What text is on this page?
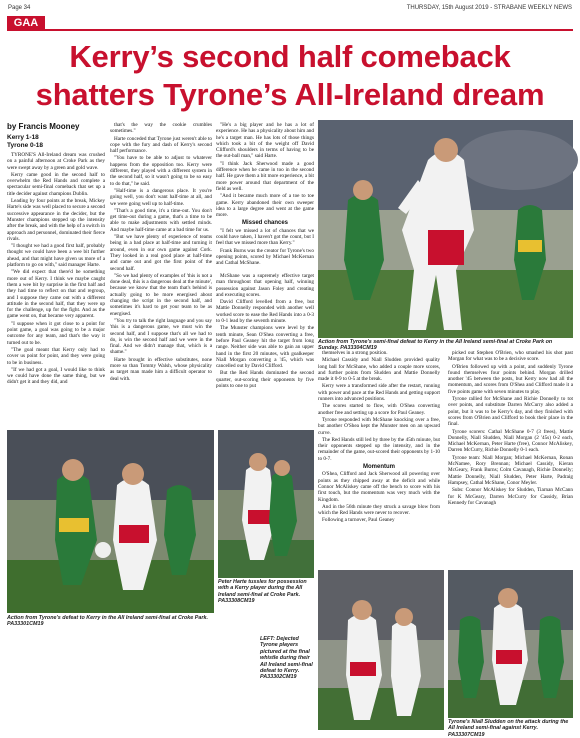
Page 34	THURSDAY, 15th August 2019 - STRABANE WEEKLY NEWS
GAA
Kerry’s second half comeback
shatters Tyrone’s All-Ireland dream
by Francis Mooney
Kerry 1-18
Tyrone 0-18

TYRONE'S All-Ireland dream was crushed on a painful afternoon at Croke Park as they were swept away by a green and gold wave.

Kerry came good in the second half to overwhelm the Red Hands and complete a spectacular semi-final comeback that set up a title decider against champions Dublin.

Leading by four points at the break, Mickey Harte's side was well placed to secure a second successive appearance in the decider, but the Munster champions stepped up the intensity after the break, and with the help of a switch in approach and personnel, dominated their fierce rivals.

"I thought we had a good first half, probably thought we could have been a wee bit further ahead, and that might have given us more of a platform to go on with," said manager Harte.

"We did expect that there'd be something more out of Kerry. I think we maybe caught them a wee bit by surprise in the first half and they had time to reflect on that and regroup, and I suppose they came out with a different attitude in the second half, that they were up for the challenge, up for the fight. And as the game went on, that became very apparent.

"I suppose when it got close to a point for point game, a goal was going to be a major outcome for any team, and that's the way it turned out to be.

"The goal meant that Kerry only had to cover us point for point, and they were going to be in business.

"If we had got a goal, I would like to think we could have done the same thing, but we didn't get it and they did, and

that's the way the cookie crumbles sometimes."

Harte conceded that Tyrone just weren't able to cope with the fury and dash of Kerry's second half performance.

"You have to be able to adjust to whatever happens from the opposition too. Kerry were different, they played with a different system in the second half, so it wasn't going to be so easy to do that," he said.

"Half-time is a dangerous place. It you're going well, you don't want half-time at all, and we were going well up to half-time.

"That's a good time, it's a time-out. You don't get time-out during a game, that's a time to be able to make adjustments with settled minds. And maybe half-time came at a bad time for us.

"But we have plenty of experience of teams being in a bad place at half-time and turning it around, even in our own game against Cork. They looked in a real good place at half-time and came out and got the first point of the second half.

"So we had plenty of examples of 'this is not a done deal, this is a dangerous deal at the minute', because we know that the team that's behind is actually going to be more energised about changing the script in the second half, and sometimes it's hard to get your team to be as energised.

"You try to talk the right language and you say 'this is a dangerous game, we must win the second half, and I suppose that's all we had to do, is win the second half and we were in the final. And we didn't manage that, which is a shame."

Harte brought in effective substitutes, none more so than Tommy Walsh, whose physicality as target man made him a difficult operator to deal with.

"He's a big player and he has a lot of experience. He has a physicality about him and he's a target man. He has lots of those things which took a bit of the weight off David Clifford's shoulders in terms of having to be the out-ball man," said Harte.

"I think Jack Sherwood made a good difference when he came in too in the second half. He gave them a bit more experience, a bit more power around that department of the field as well.

"And it became much more of a toe to toe game. Kerry abandoned their own sweeper idea to a large degree and went at the game more.

Missed chances

"I felt we missed a lot of chances that we could have taken, I haven't got the count, but I feel that we missed more than Kerry."

Frank Burns was the creator for Tyrone's two opening points, scored by Michael McKernan and Cathal McShane.

McShane was a supremely effective target man throughout that opening half, winning possession against Jason Foley and creating and executing scores.

David Clifford levelled from a free, but Mattie Donnelly responded with another well worked score to ease the Red Hands into a 0-3 to 0-1 lead by the seventh minute.

The Munster champions were level by the tenth minute, Sean O'Shea converting a free, before Paul Geaney hit the target from long range. Neither side was able to gain an upper hand in the first 20 minutes, with goalkeeper Niall Morgan converting a '45, which was cancelled out by David Clifford.

But the Red Hands dominated the second quarter, out-scoring their opponents by five points to one to put

themselves in a strong position.

Michael Cassidy and Niall Sludden provided quality long ball for McShane, who added a couple more scores, and further points from Sludden and Mattie Donnelly made it 0-9 to 0-5 at the break.

Kerry were a transformed side after the restart, running with power and pace at the Red Hands and getting support runners into advanced positions.

The scores started to flow, with O'Shea converting another free and setting up a score for Paul Geaney.

Tyrone responded with McShane knocking over a free, but another O'Shea kept the Munster men on an upward curve.

The Red Hands still led by three by the 45th minute, but their opponents stepped up the intensity, and in the remainder of the game, out-scored their opponents by 1-10 to 0-7.

Momentum

O'Shea, Clifford and Jack Sherwood all powering over points as they chipped away at the deficit and while Connor McAliskey came off the bench to score with his first touch, but the momentum was very much with the Kingdom.

And in the 56th minute they struck a savage blow from which the Red Hands were never to recover.

Following a turnover, Paul Geaney

picked out Stephen O'Brien, who smashed his shot past Morgan for what was to be a decisive score.

O'Brien followed up with a point, and suddenly Tyrone found themselves four points behind. Morgan drilled another '45 between the posts, but Kerry now had all the momentum, and scores from O'Shea and Clifford made it a five points game with seven minutes to play.

Tyrone rallied for McShane and Richie Donnelly to tot over points, and substitute Darren McCurry also added a point, but it was to be Kerry's day, and they finished with scores from O'Brien and Clifford to book their place in the final.

Tyrone scorers: Cathal McShane 0-7 (3 frees), Mattie Donnelly, Niall Sludden, Niall Morgan (2 '45s) 0-2 each, Michael McKernan, Peter Harte (free), Connor McAliskey, Darren McCurry, Richie Donnelly 0-1 each.

Tyrone team: Niall Morgan; Michael McKernan, Ronan McNamee, Rory Brennan; Michael Cassidy, Kieran McGeary, Frank Burns; Colm Cavanagh, Richie Donnelly; Mattie Donnelly, Niall Sludden, Peter Harte, Padraig Hampsey, Cathal McShane, Conor Meyler.

Subs: Connor McAliskey for Sludden, Tiarnan McCann for K McGeary, Darren McCurry for Cassidy, Brian Kennedy for Cavanagh

Action from Tyrone's semi-final defeat to Kerry in the All Ireland semi-final at Croke Park on Sunday. PA33304CM19
Action from Tyrone's defeat to Kerry in the All Ireland semi-final at Croke Park. PA33301CM19
Peter Harte tussles for possession with a Kerry player during the All Ireland semi-final at Croke Park. PA33308CM19
LEFT: Dejected Tyrone players pictured at the final whistle during their All Ireland semi-final defeat to Kerry. PA33302CM19
Tyrone's Niall Sludden on the attack during the All Ireland semi-final against Kerry. PA33307CM19
